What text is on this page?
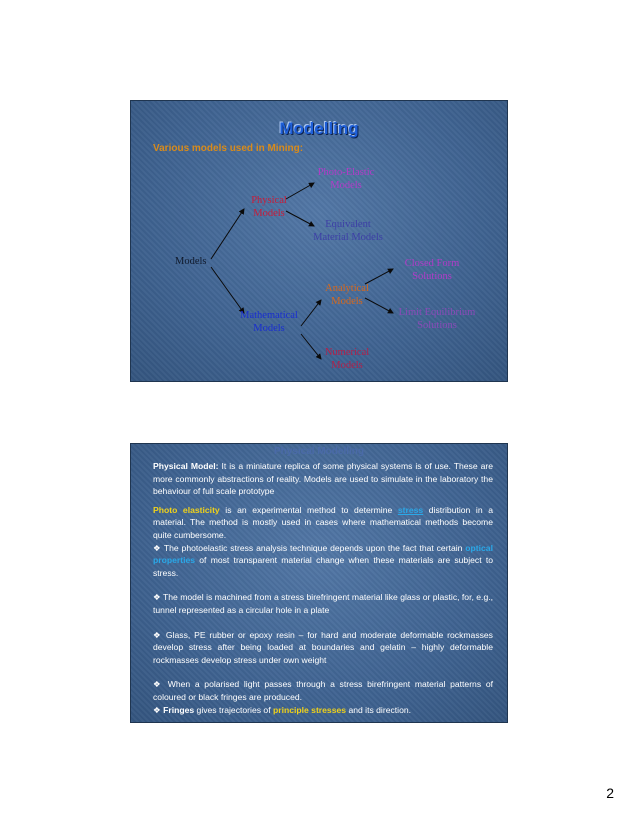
Modelling
Various models used in Mining:
Models
Physical
Models
Photo-Elastic
Models
Equivalent
Material Models
Mathematical
Models
Analytical
Models
Numerical
Models
Closed Form
Solutions
Limit Equilibrium
Solutions
Physical Modelling

Physical Model: It is a miniature replica of some physical systems is of use. These are more commonly abstractions of reality. Models are used to simulate in the laboratory the behaviour of full scale prototype

Photo elasticity is an experimental method to determine stress distribution in a material. The method is mostly used in cases where mathematical methods become quite cumbersome.

❖ The photoelastic stress analysis technique depends upon the fact that certain optical properties of most transparent material change when these materials are subject to stress.

❖ The model is machined from a stress birefringent material like glass or plastic, for, e.g., tunnel represented as a circular hole in a plate

❖ Glass, PE rubber or epoxy resin – for hard and moderate deformable rockmasses develop stress after being loaded at boundaries and gelatin – highly deformable rockmasses develop stress under own weight

❖ When a polarised light passes through a stress birefringent material patterns of coloured or black fringes are produced.

❖ Fringes gives trajectories of principle stresses and its direction.

2
